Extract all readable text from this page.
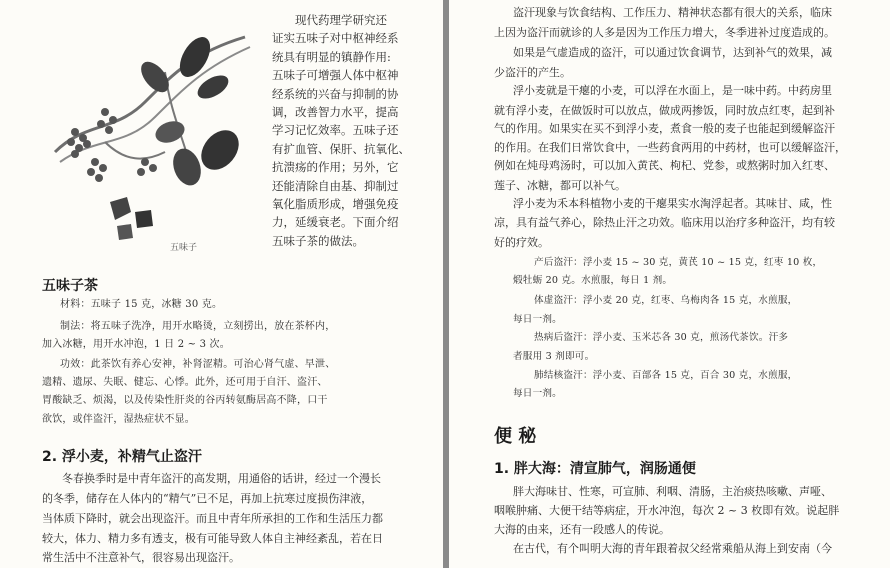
五味子
现代药理学研究还
证实五味子对中枢神经系
统具有明显的镇静作用:
五味子可增强人体中枢神
经系统的兴奋与抑制的协
调，改善智力水平，提高
学习记忆效率。五味子还
有扩血管、保肝、抗氧化、
抗溃疡的作用；另外，它
还能清除自由基、抑制过
氧化脂质形成，增强免疫
力，延缓衰老。下面介绍
五味子茶的做法。
五味子茶
材料：五味子 15 克，冰糖 30 克。
制法：将五味子洗净，用开水略烫，立刻捞出，放在茶杯内，
加入冰糖，用开水冲泡，1 日 2 ~ 3 次。
功效：此茶饮有养心安神，补肾涩精。可治心肾气虚、早泄、
遗精、遗尿、失眠、健忘、心悸。此外，还可用于自汗、盗汗、
胃酸缺乏、烦渴，以及传染性肝炎的谷丙转氨酶居高不降，口干
欲饮，或伴盗汗，湿热症状不显。
2. 浮小麦，补精气止盗汗
冬春换季时是中青年盗汗的高发期，用通俗的话讲，经过一个漫长
的冬季，储存在人体内的“精气”已不足，再加上抗寒过度损伤津液，
当体质下降时，就会出现盗汗。而且中青年所承担的工作和生活压力都
较大，体力、精力多有透支，极有可能导致人体自主神经紊乱，若在日
常生活中不注意补气，很容易出现盗汗。
盗汗现象与饮食结构、工作压力、精神状态都有很大的关系，临床
上因为盗汗而就诊的人多是因为工作压力增大，冬季进补过度造成的。
如果是气虚造成的盗汗，可以通过饮食调节，达到补气的效果，减
少盗汗的产生。
浮小麦就是干瘪的小麦，可以浮在水面上，是一味中药。中药房里
就有浮小麦，在做饭时可以放点，做成两掺饭，同时放点红枣，起到补
气的作用。如果实在买不到浮小麦，煮食一般的麦子也能起到缓解盗汗
的作用。在我们日常饮食中，一些药食两用的中药材，也可以缓解盗汗，
例如在炖母鸡汤时，可以加入黄芪、枸杞、党参，或熬粥时加入红枣、
莲子、冰糖，都可以补气。
浮小麦为禾本科植物小麦的干瘪果实水淘浮起者。其味甘、咸，性
凉，具有益气养心，除热止汗之功效。临床用以治疗多种盗汗，均有较
好的疗效。
产后盗汗：浮小麦 15 ~ 30 克，黄芪 10 ~ 15 克，红枣 10 枚，
煅牡蛎 20 克。水煎服，每日 1 剂。
体虚盗汗：浮小麦 20 克，红枣、乌梅肉各 15 克，水煎服，
每日一剂。
热病后盗汗：浮小麦、玉米芯各 30 克，煎汤代茶饮。汗多
者服用 3 剂即可。
肺结核盗汗：浮小麦、百部各 15 克，百合 30 克，水煎服，
每日一剂。
便 秘
1. 胖大海：清宣肺气，润肠通便
胖大海味甘、性寒，可宣肺、利咽、清肠，主治痰热咳嗽、声哑、
咽喉肿痛、大便干结等病症，开水冲泡，每次 2 ~ 3 枚即有效。说起胖
大海的由来，还有一段感人的传说。
在古代，有个叫明大海的青年跟着叔父经常乘船从海上到安南（今
